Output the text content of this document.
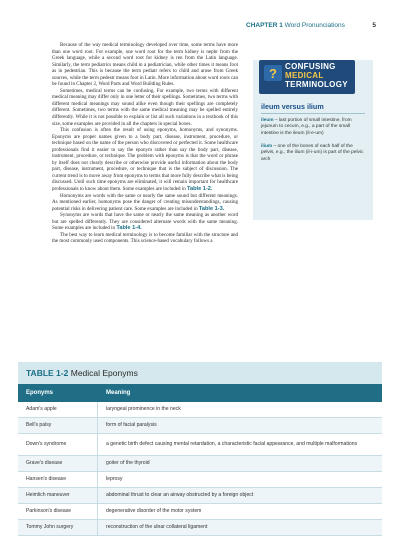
CHAPTER 1 Word Pronunciations	5

Because of the way medical terminology developed over time, some terms have more than one word root. For example, one word root for the term kidney is nephr from the Greek language, while a second word root for kidney is ren from the Latin language. Similarly, the term pediatrics means child in a pediatrician, while other times it means foot as in pedestrian. This is because the term pediatr refers to child and arose from Greek sources, while the term pedestr means foot in Latin. More information about word roots can be found in Chapter 2, Word Parts and Word Building Rules.

Sometimes, medical terms can be confusing. For example, two terms with different medical meaning may differ only in one letter of their spellings. Sometimes, two terms with different medical meanings may sound alike even though their spellings are completely different. Sometimes, two terms with the same medical meaning may be spelled entirely differently. While it is not possible to explain or list all such variations in a textbook of this size, some examples are provided in all the chapters in special boxes.

This confusion is often the result of using eponyms, homonyms, and synonyms. Eponyms are proper names given to a body part, disease, instrument, procedure, or technique based on the name of the person who discovered or perfected it. Some healthcare professionals find it easier to say the eponym rather than say the body part, disease, instrument, procedure, or technique. The problem with eponyms is that the word or phrase by itself does not clearly describe or otherwise provide useful information about the body part, disease, instrument, procedure, or technique that is the subject of discussion. The current trend is to move away from eponyms to terms that more fully describe what is being discussed. Until such time eponyms are eliminated, it will remain important for healthcare professionals to know about them. Some examples are included in Table 1-2.

Homonyms are words with the same or nearly the same sound but different meanings. As mentioned earlier, homonyms pose the danger of creating misunderstandings, causing potential risks in delivering patient care. Some examples are included in Table 1-3.

Synonyms are words that have the same or nearly the same meaning as another word but are spelled differently. They are considered alternate words with the same meaning. Some examples are included in Table 1-4.

The best way to learn medical terminology is to become familiar with the structure and the most commonly used components. This science-based vocabulary follows a

? CONFUSING
MEDICAL
TERMINOLOGY
ileum versus ilium
ileum – last portion of small intestine, from jejunum to cecum, e.g., a part of the small intestine is the ileum (il-e-um)
ilium – one of the bones of each half of the pelvis, e.g., the ilium (il-i-um) is part of the pelvic arch
TABLE 1-2 Medical Eponyms
Eponyms	Meaning
Adam's apple	laryngeal prominence in the neck
Bell's palsy	form of facial paralysis
Down's syndrome	a genetic birth defect causing mental retardation, a characteristic facial appearance, and multiple malformations
Grave's disease	goiter of the thyroid
Hansen's disease	leprosy
Heimlich maneuver	abdominal thrust to clear an airway obstructed by a foreign object
Parkinson's disease	degenerative disorder of the motor system
Tommy John surgery	reconstruction of the ulnar collateral ligament
